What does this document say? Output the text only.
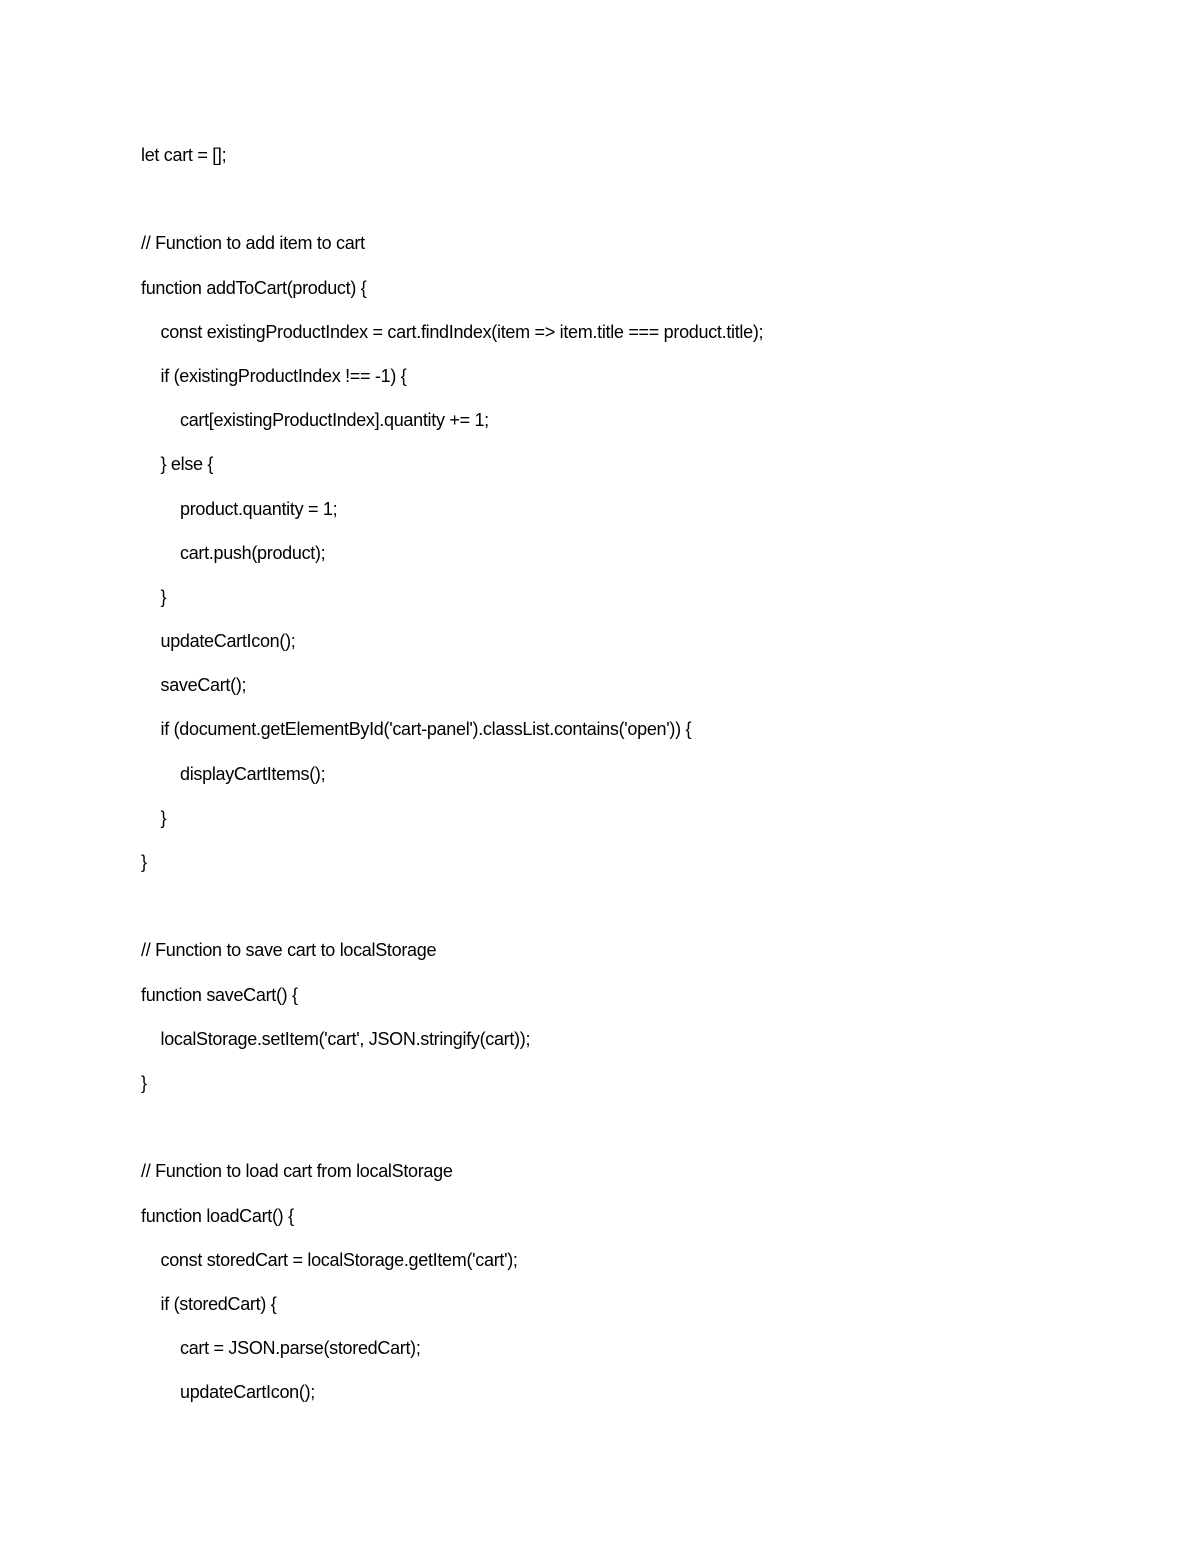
let cart = [];
// Function to add item to cart
function addToCart(product) {
const existingProductIndex = cart.findIndex(item => item.title === product.title);
if (existingProductIndex !== -1) {
cart[existingProductIndex].quantity += 1;
} else {
product.quantity = 1;
cart.push(product);
}
updateCartIcon();
saveCart();
if (document.getElementById('cart-panel').classList.contains('open')) {
displayCartItems();
}
}
// Function to save cart to localStorage
function saveCart() {
localStorage.setItem('cart', JSON.stringify(cart));
}
// Function to load cart from localStorage
function loadCart() {
const storedCart = localStorage.getItem('cart');
if (storedCart) {
cart = JSON.parse(storedCart);
updateCartIcon();
